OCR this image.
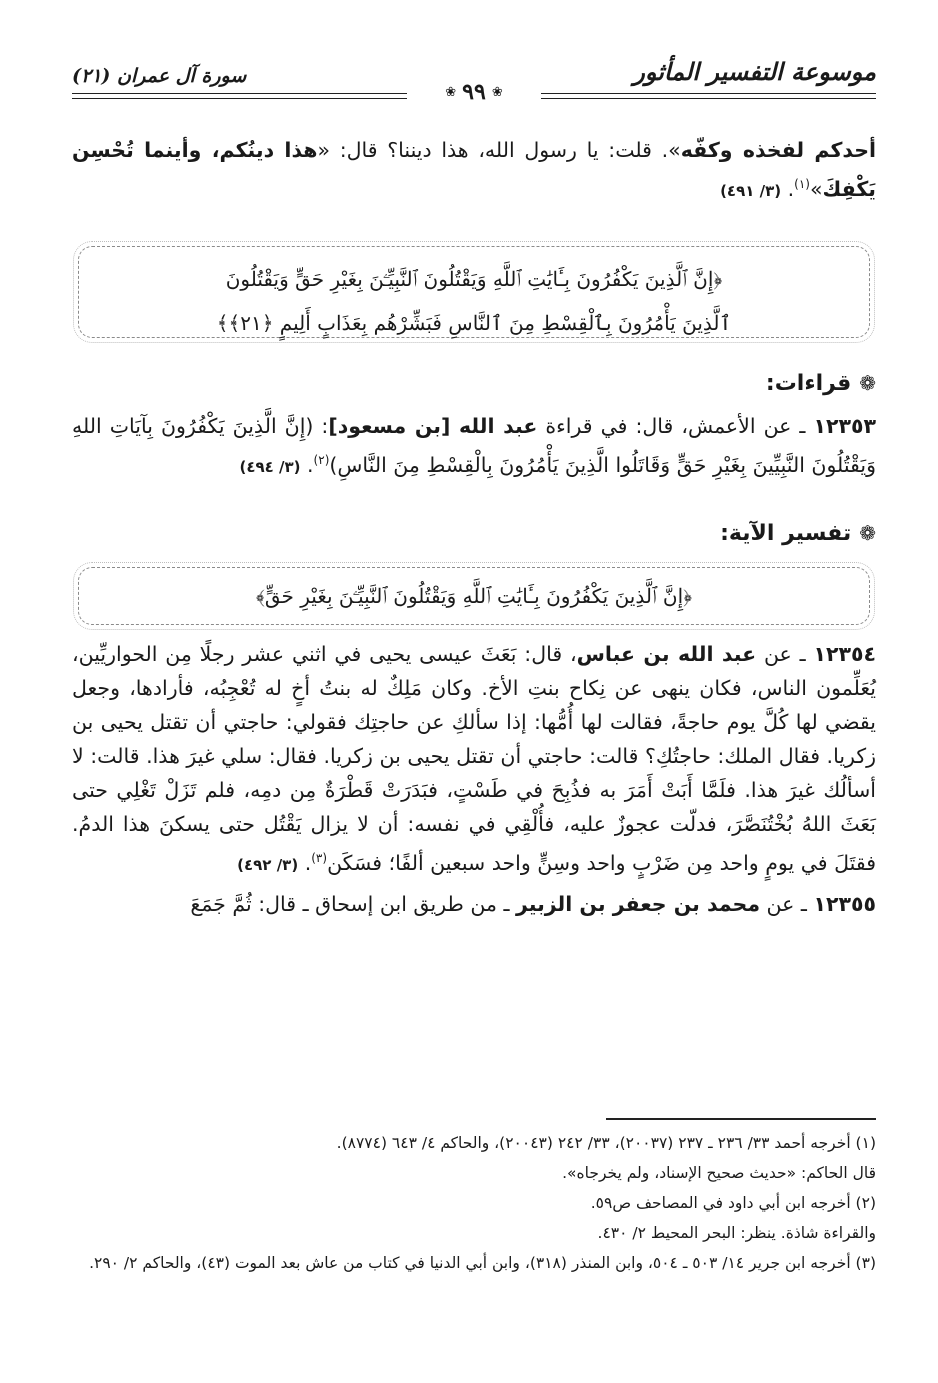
موسوعة التفسير المأثور
سورة آل عمران (٢١)
❀٩٩❀

أحدكم لفخذه وكفّه». قلت: يا رسول الله، هذا ديننا؟ قال: «هذا دينُكم، وأينما تُحْسِن يَكْفِكَ»$^{(١)}$. (٣/ ٤٩١)

﴿إِنَّ ٱلَّذِينَ يَكْفُرُونَ بِـَٔايَٰتِ ٱللَّهِ وَيَقْتُلُونَ ٱلنَّبِيِّـۧنَ بِغَيْرِ حَقٍّ وَيَقْتُلُونَ
ٱلَّذِينَ يَأْمُرُونَ بِٱلْقِسْطِ مِنَ ٱلنَّاسِ فَبَشِّرْهُم بِعَذَابٍ أَلِيمٍ ﴿٢١﴾﴾
❁قراءات:

١٢٣٥٣ ـ عن الأعمش، قال: في قراءة عبد الله [بن مسعود]: (إِنَّ الَّذِينَ يَكْفُرُونَ بِآيَاتِ اللهِ وَيَقْتُلُونَ النَّبِيِّينَ بِغَيْرِ حَقٍّ وَقَاتَلُوا الَّذِينَ يَأْمُرُونَ بِالْقِسْطِ مِنَ النَّاسِ)$^{(٢)}$. (٣/ ٤٩٤)

❁تفسير الآية:
﴿إِنَّ ٱلَّذِينَ يَكْفُرُونَ بِـَٔايَٰتِ ٱللَّهِ وَيَقْتُلُونَ ٱلنَّبِيِّـۧنَ بِغَيْرِ حَقٍّ﴾

١٢٣٥٤ ـ عن عبد الله بن عباس، قال: بَعَثَ عيسى يحيى في اثني عشر رجلًا مِن الحواريِّين، يُعَلِّمون الناس، فكان ينهى عن نِكاح بنتِ الأخ. وكان مَلِكٌ له بنتُ أخٍ له تُعْجِبُه، فأرادها، وجعل يقضي لها كُلَّ يوم حاجةً، فقالت لها أُمُّها: إذا سألكِ عن حاجتِك فقولي: حاجتي أن تقتل يحيى بن زكريا. فقال الملك: حاجتُكِ؟ قالت: حاجتي أن تقتل يحيى بن زكريا. فقال: سلي غيرَ هذا. قالت: لا أسألُك غيرَ هذا. فلَمَّا أَبَتْ أَمَرَ به فذُبِحَ في طَسْتٍ، فبَدَرَتْ قَطْرَةٌ مِن دمِه، فلم تَزَلْ تَغْلِي حتى بَعَثَ اللهُ بُخْتُنَصَّرَ، فدلّت عجوزٌ عليه، فأُلْقِي في نفسه: أن لا يزال يَقْتُل حتى يسكنَ هذا الدمُ. فقتَلَ في يومٍ واحد مِن ضَرْبٍ واحد وسِنٍّ واحد سبعين ألفًا؛ فسَكَن$^{(٣)}$. (٣/ ٤٩٢)

١٢٣٥٥ ـ عن محمد بن جعفر بن الزبير ـ من طريق ابن إسحاق ـ قال: ثُمَّ جَمَعَ

(١) أخرجه أحمد ٣٣/ ٢٣٦ ـ ٢٣٧ (٢٠٠٣٧)، ٣٣/ ٢٤٢ (٢٠٠٤٣)، والحاكم ٤/ ٦٤٣ (٨٧٧٤).

قال الحاكم: «حديث صحيح الإسناد، ولم يخرجاه».

(٢) أخرجه ابن أبي داود في المصاحف ص٥٩.

والقراءة شاذة. ينظر: البحر المحيط ٢/ ٤٣٠.

(٣) أخرجه ابن جرير ١٤/ ٥٠٣ ـ ٥٠٤، وابن المنذر (٣١٨)، وابن أبي الدنيا في كتاب من عاش بعد الموت (٤٣)، والحاكم ٢/ ٢٩٠.
